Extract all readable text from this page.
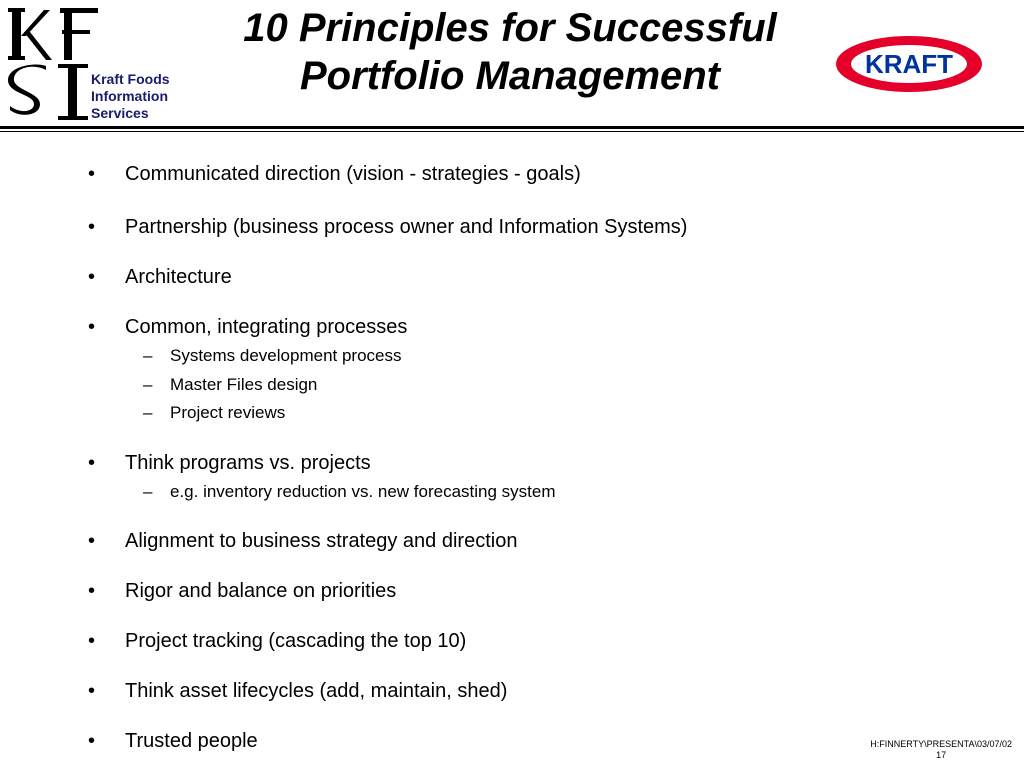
Kraft Foods
Information
Services
10 Principles for Successful
Portfolio Management	KRAFT
• Communicated direction (vision - strategies - goals)
• Partnership (business process owner and Information Systems)
• Architecture
• Common, integrating processes
– Systems development process
– Master Files design
– Project reviews
• Think programs vs. projects
– e.g. inventory reduction vs. new forecasting system
• Alignment to business strategy and direction
• Rigor and balance on priorities
• Project tracking (cascading the top 10)
• Think asset lifecycles (add, maintain, shed)
• Trusted people	H:FINNERTY\PRESENTA\03/07/02
17
